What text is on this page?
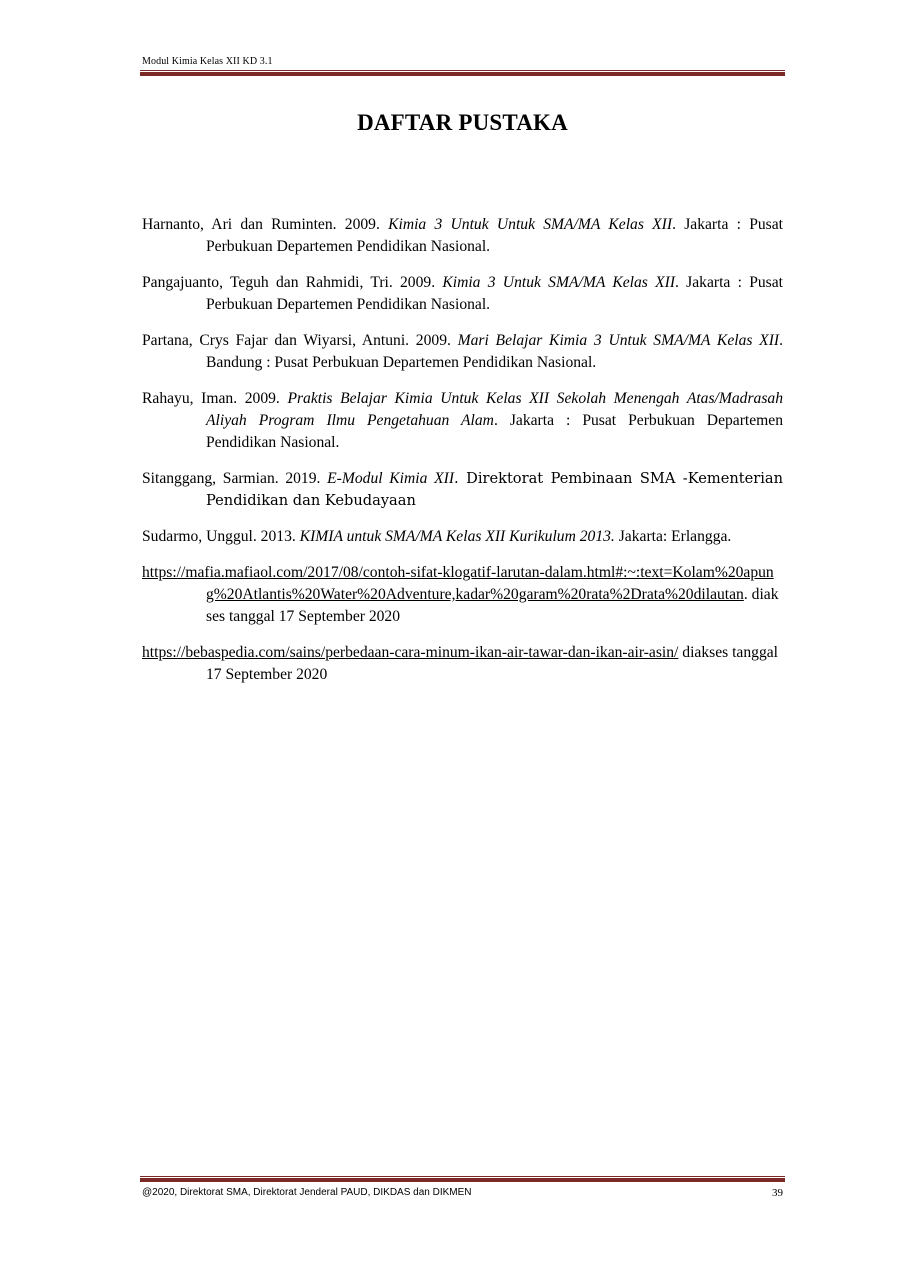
Modul Kimia Kelas XII KD 3.1
DAFTAR PUSTAKA

Harnanto, Ari dan Ruminten. 2009. Kimia 3 Untuk Untuk SMA/MA Kelas XII. Jakarta : Pusat Perbukuan Departemen Pendidikan Nasional.

Pangajuanto, Teguh dan Rahmidi, Tri. 2009. Kimia 3 Untuk SMA/MA Kelas XII. Jakarta : Pusat Perbukuan Departemen Pendidikan Nasional.

Partana, Crys Fajar dan Wiyarsi, Antuni. 2009. Mari Belajar Kimia 3 Untuk SMA/MA Kelas XII. Bandung : Pusat Perbukuan Departemen Pendidikan Nasional.

Rahayu, Iman. 2009. Praktis Belajar Kimia Untuk Kelas XII Sekolah Menengah Atas/Madrasah Aliyah Program Ilmu Pengetahuan Alam. Jakarta : Pusat Perbukuan Departemen Pendidikan Nasional.

Sitanggang, Sarmian. 2019. E-Modul Kimia XII. Direktorat Pembinaan SMA -Kementerian Pendidikan dan Kebudayaan

Sudarmo, Unggul. 2013. KIMIA untuk SMA/MA Kelas XII Kurikulum 2013. Jakarta: Erlangga.

https://mafia.mafiaol.com/2017/08/contoh-sifat-klogatif-larutan-dalam.html#:~:text=Kolam%20apung%20Atlantis%20Water%20Adventure,kadar%20garam%20rata%2Drata%20dilautan. diakses tanggal 17 September 2020

https://bebaspedia.com/sains/perbedaan-cara-minum-ikan-air-tawar-dan-ikan-air-asin/ diakses tanggal 17 September 2020

@2020, Direktorat SMA, Direktorat Jenderal PAUD, DIKDAS dan DIKMEN	39
